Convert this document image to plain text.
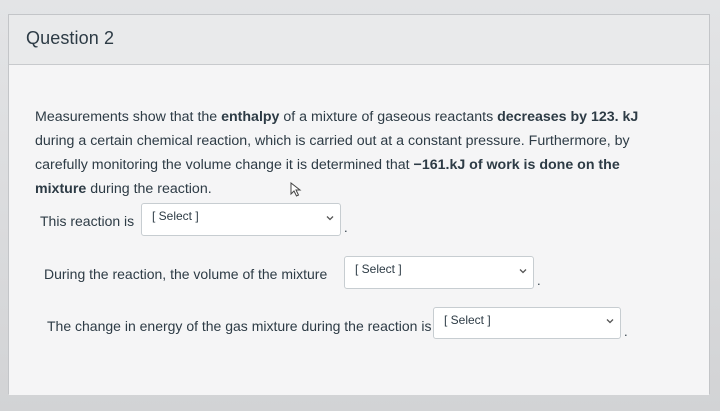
Question 2
Measurements show that the enthalpy of a mixture of gaseous reactants decreases by 123. kJ during a certain chemical reaction, which is carried out at a constant pressure. Furthermore, by carefully monitoring the volume change it is determined that −161.kJ of work is done on the mixture during the reaction.
This reaction is [ Select ]
.
During the reaction, the volume of the mixture [ Select ]
.
The change in energy of the gas mixture during the reaction is [ Select ]
.
